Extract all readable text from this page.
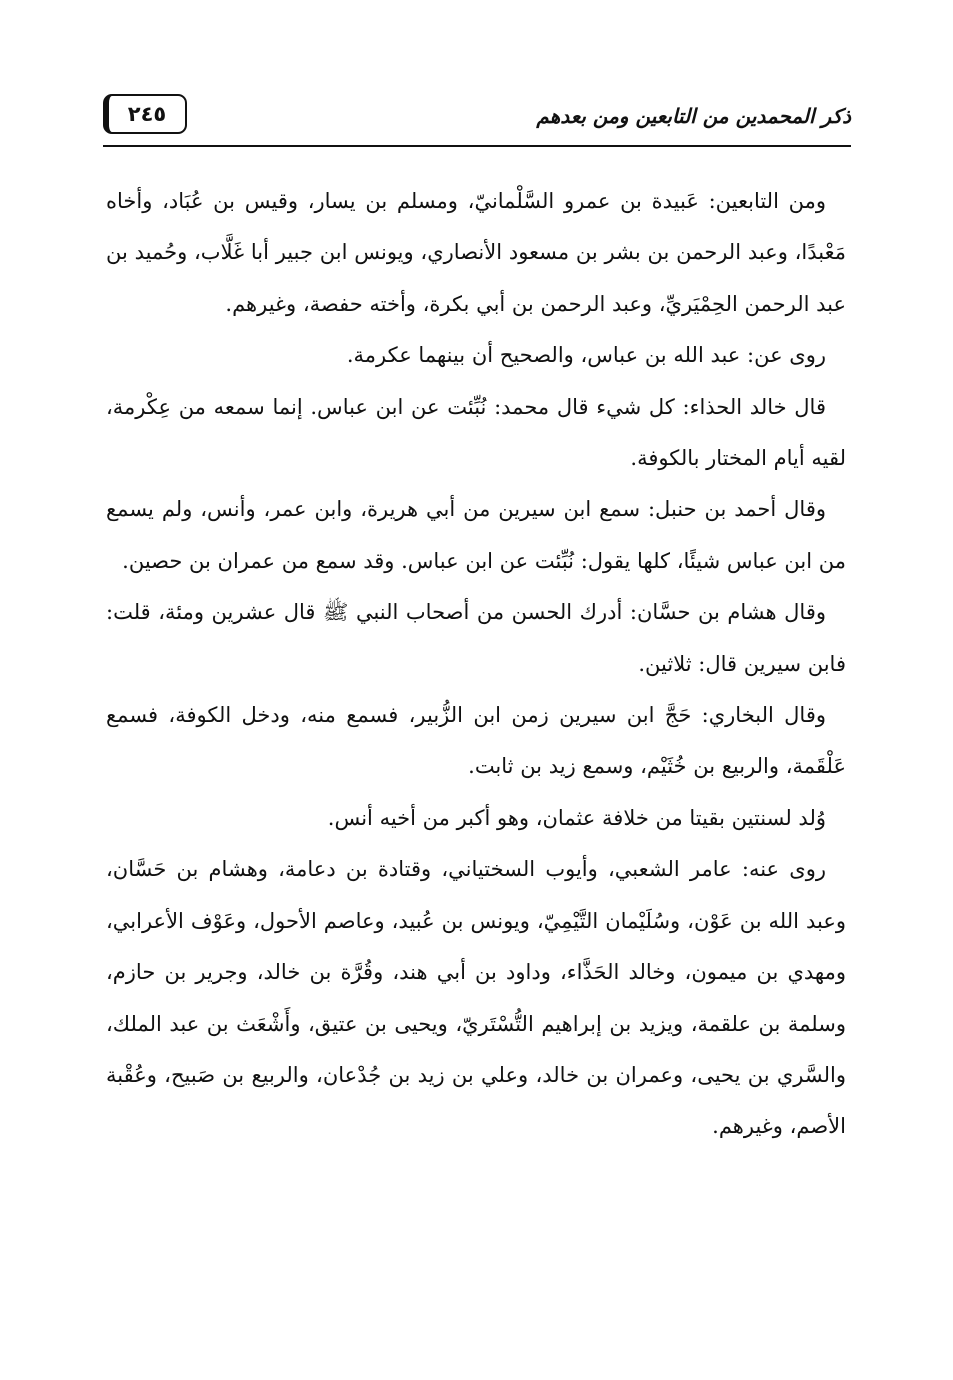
ذكر المحمدين من التابعين ومن بعدهم
٢٤٥

ومن التابعين: عَبيدة بن عمرو السَّلْمانيّ، ومسلم بن يسار، وقيس بن عُبَاد، وأخاه مَعْبدًا، وعبد الرحمن بن بشر بن مسعود الأنصاري، ويونس ابن جبير أبا غَلَّاب، وحُميد بن عبد الرحمن الحِمْيَريِّ، وعبد الرحمن بن أبي بكرة، وأخته حفصة، وغيرهم.

روى عن: عبد الله بن عباس، والصحيح أن بينهما عكرمة.

قال خالد الحذاء: كل شيء قال محمد: نُبِّئت عن ابن عباس. إنما سمعه من عِكْرمة، لقيه أيام المختار بالكوفة.

وقال أحمد بن حنبل: سمع ابن سيرين من أبي هريرة، وابن عمر، وأنس، ولم يسمع من ابن عباس شيئًا، كلها يقول: نُبِّئت عن ابن عباس. وقد سمع من عمران بن حصين.

وقال هشام بن حسَّان: أدرك الحسن من أصحاب النبي ﷺ قال عشرين ومئة، قلت: فابن سيرين قال: ثلاثين.

وقال البخاري: حَجَّ ابن سيرين زمن ابن الزُّبير، فسمع منه، ودخل الكوفة، فسمع عَلْقَمة، والربيع بن خُثَيْم، وسمع زيد بن ثابت.

وُلد لسنتين بقيتا من خلافة عثمان، وهو أكبر من أخيه أنس.

روى عنه: عامر الشعبي، وأيوب السختياني، وقتادة بن دعامة، وهشام بن حَسَّان، وعبد الله بن عَوْن، وسُلَيْمان التَّيْمِيّ، ويونس بن عُبيد، وعاصم الأحول، وعَوْف الأعرابي، ومهدي بن ميمون، وخالد الحَذَّاء، وداود بن أبي هند، وقُرَّة بن خالد، وجرير بن حازم، وسلمة بن علقمة، ويزيد بن إبراهيم التُّسْتَريّ، ويحيى بن عتيق، وأَشْعَث بن عبد الملك، والسَّري بن يحيى، وعمران بن خالد، وعلي بن زيد بن جُدْعان، والربيع بن صَبيح، وعُقْبة الأصم، وغيرهم.
